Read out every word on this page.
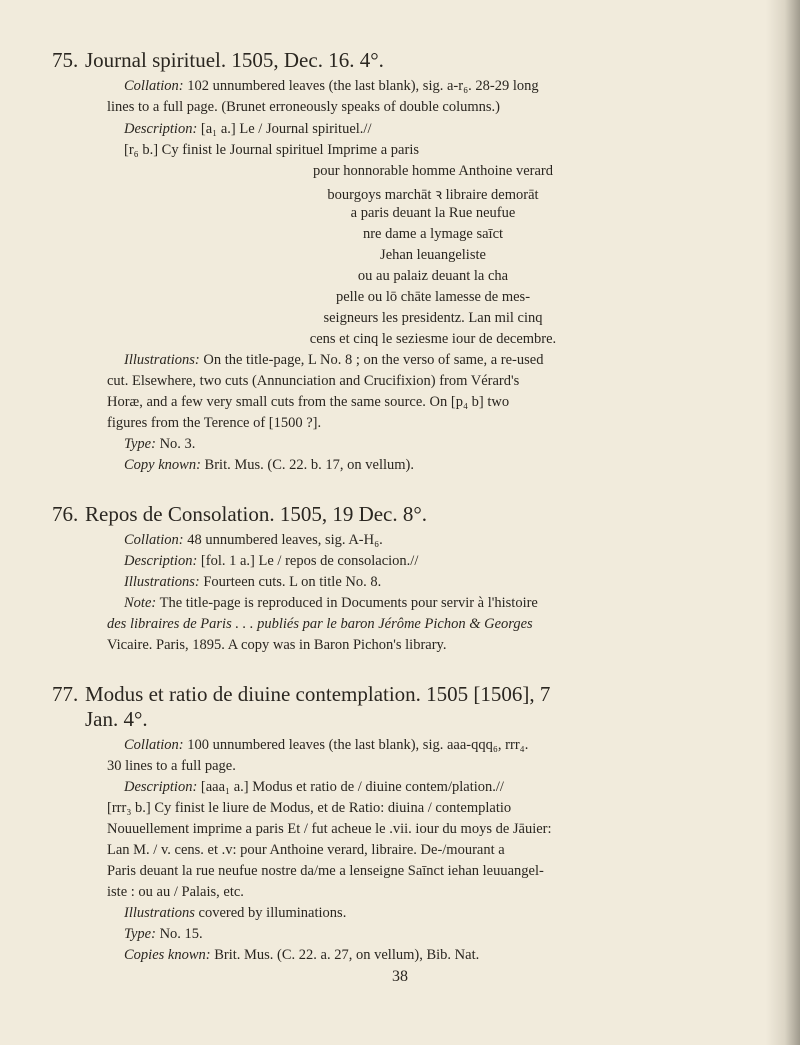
75. Journal spirituel. 1505, Dec. 16. 4°.
Collation: 102 unnumbered leaves (the last blank), sig. a-r₆. 28-29 long
lines to a full page. (Brunet erroneously speaks of double columns.)
Description: [a₁ a.] Le / Journal spirituel.//
[r₆ b.] Cy finist le Journal spirituel Imprime a paris
pour honnorable homme Anthoine verard
bourgoys marchāt ꝛ libraire demorāt
a paris deuant la Rue neufue
nre dame a lymage saīct
Jehan leuangeliste
ou au palaiz deuant la cha
pelle ou lō chāte lamesse de mes-
seigneurs les presidentz. Lan mil cinq
cens et cinq le seziesme iour de decembre.
Illustrations: On the title-page, L No. 8 ; on the verso of same, a re-used
cut. Elsewhere, two cuts (Annunciation and Crucifixion) from Vérard's
Horæ, and a few very small cuts from the same source. On [p₄ b] two
figures from the Terence of [1500 ?].
Type: No. 3.
Copy known: Brit. Mus. (C. 22. b. 17, on vellum).
76. Repos de Consolation. 1505, 19 Dec. 8°.
Collation: 48 unnumbered leaves, sig. A-H₆.
Description: [fol. 1 a.] Le / repos de consolacion.//
Illustrations: Fourteen cuts. L on title No. 8.
Note: The title-page is reproduced in Documents pour servir à l'histoire
des libraires de Paris . . . publiés par le baron Jérôme Pichon & Georges
Vicaire. Paris, 1895. A copy was in Baron Pichon's library.
77. Modus et ratio de diuine contemplation. 1505 [1506], 7
Jan. 4°.
Collation: 100 unnumbered leaves (the last blank), sig. aaa-qqq₆, rrr₄.
30 lines to a full page.
Description: [aaa₁ a.] Modus et ratio de / diuine contem/plation.//
[rrr₃ b.] Cy finist le liure de Modus, et de Ratio: diuina / contemplatio
Nouuellement imprime a paris Et / fut acheue le .vii. iour du moys de Jāuier:
Lan M. / v. cens. et .v: pour Anthoine verard, libraire. De-/mourant a
Paris deuant la rue neufue nostre da/me a lenseigne Saīnct iehan leuuangel-
iste : ou au / Palais, etc.
Illustrations covered by illuminations.
Type: No. 15.
Copies known: Brit. Mus. (C. 22. a. 27, on vellum), Bib. Nat.
38
